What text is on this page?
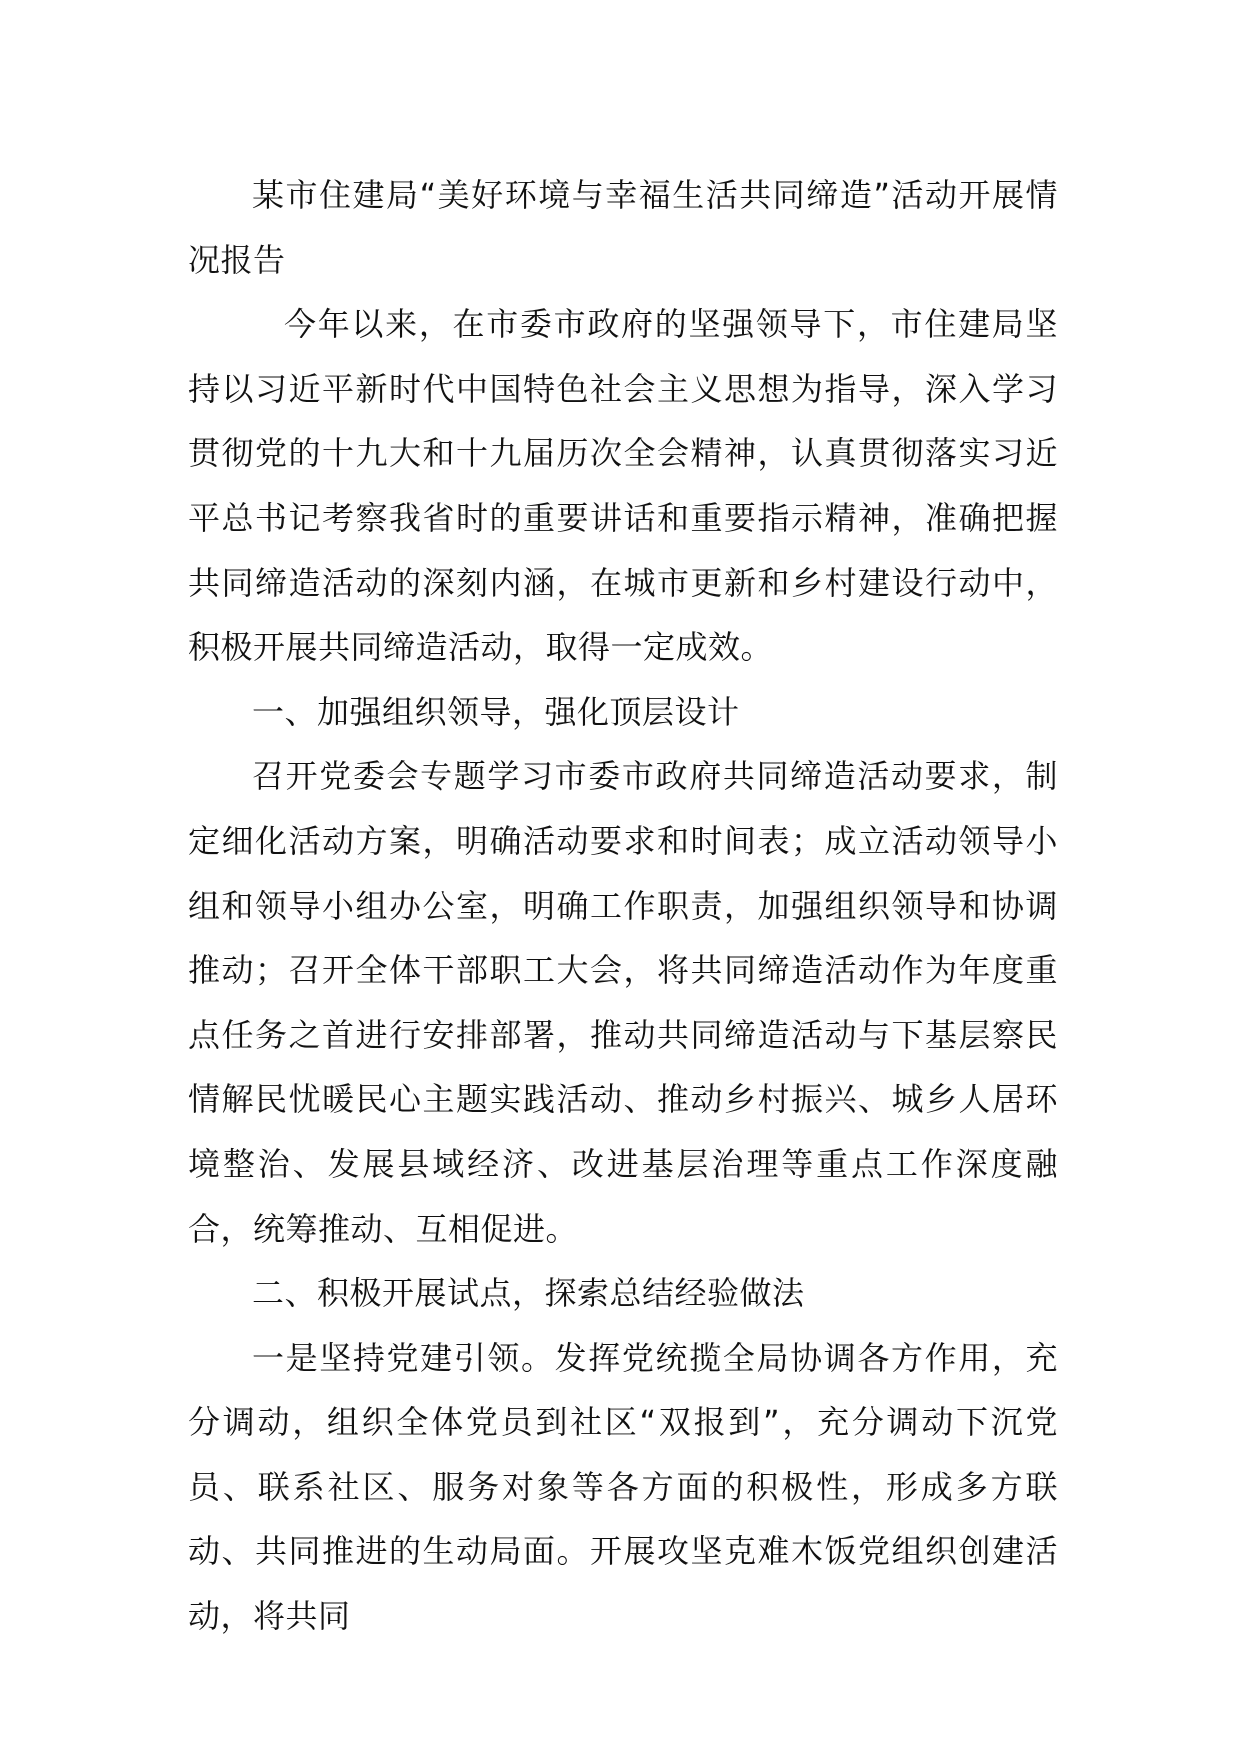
某市住建局“美好环境与幸福生活共同缔造”活动开展情况报告

今年以来，在市委市政府的坚强领导下，市住建局坚持以习近平新时代中国特色社会主义思想为指导，深入学习贯彻党的十九大和十九届历次全会精神，认真贯彻落实习近平总书记考察我省时的重要讲话和重要指示精神，准确把握共同缔造活动的深刻内涵，在城市更新和乡村建设行动中，积极开展共同缔造活动，取得一定成效。

一、加强组织领导，强化顶层设计

召开党委会专题学习市委市政府共同缔造活动要求，制定细化活动方案，明确活动要求和时间表；成立活动领导小组和领导小组办公室，明确工作职责，加强组织领导和协调推动；召开全体干部职工大会，将共同缔造活动作为年度重点任务之首进行安排部署，推动共同缔造活动与下基层察民情解民忧暖民心主题实践活动、推动乡村振兴、城乡人居环境整治、发展县域经济、改进基层治理等重点工作深度融合，统筹推动、互相促进。

二、积极开展试点，探索总结经验做法

一是坚持党建引领。发挥党统揽全局协调各方作用，充分调动，组织全体党员到社区“双报到”，充分调动下沉党员、联系社区、服务对象等各方面的积极性，形成多方联动、共同推进的生动局面。开展攻坚克难木饭党组织创建活动，将共同
